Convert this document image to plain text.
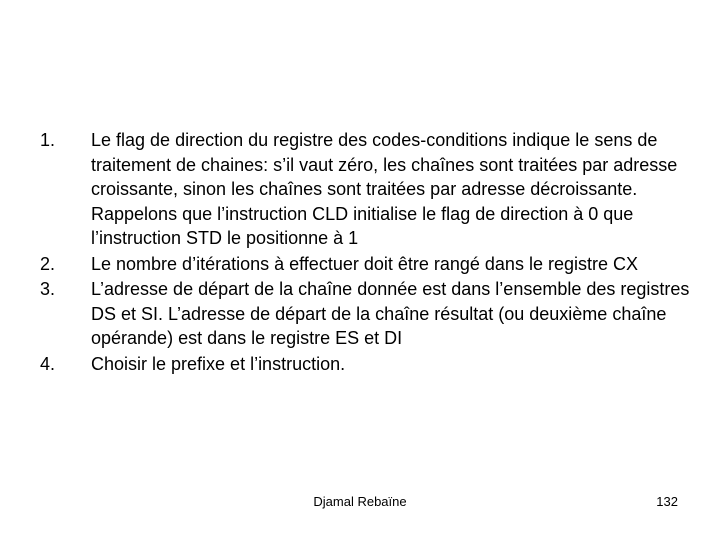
1.	Le flag de direction du registre des codes-conditions indique le sens de traitement de chaines: s’il vaut zéro, les chaînes sont traitées par adresse croissante, sinon les chaînes sont traitées par adresse décroissante. Rappelons que l’instruction CLD initialise le flag de direction à 0 que l’instruction STD le positionne à 1
2.	Le nombre d’itérations à effectuer doit être rangé dans le registre CX
3.	L’adresse de départ de la chaîne donnée est dans l’ensemble des registres DS et SI. L’adresse de départ de la chaîne résultat (ou deuxième chaîne opérande) est dans le registre ES et DI
4.	Choisir le prefixe et l’instruction.
Djamal Rebaïne	132
